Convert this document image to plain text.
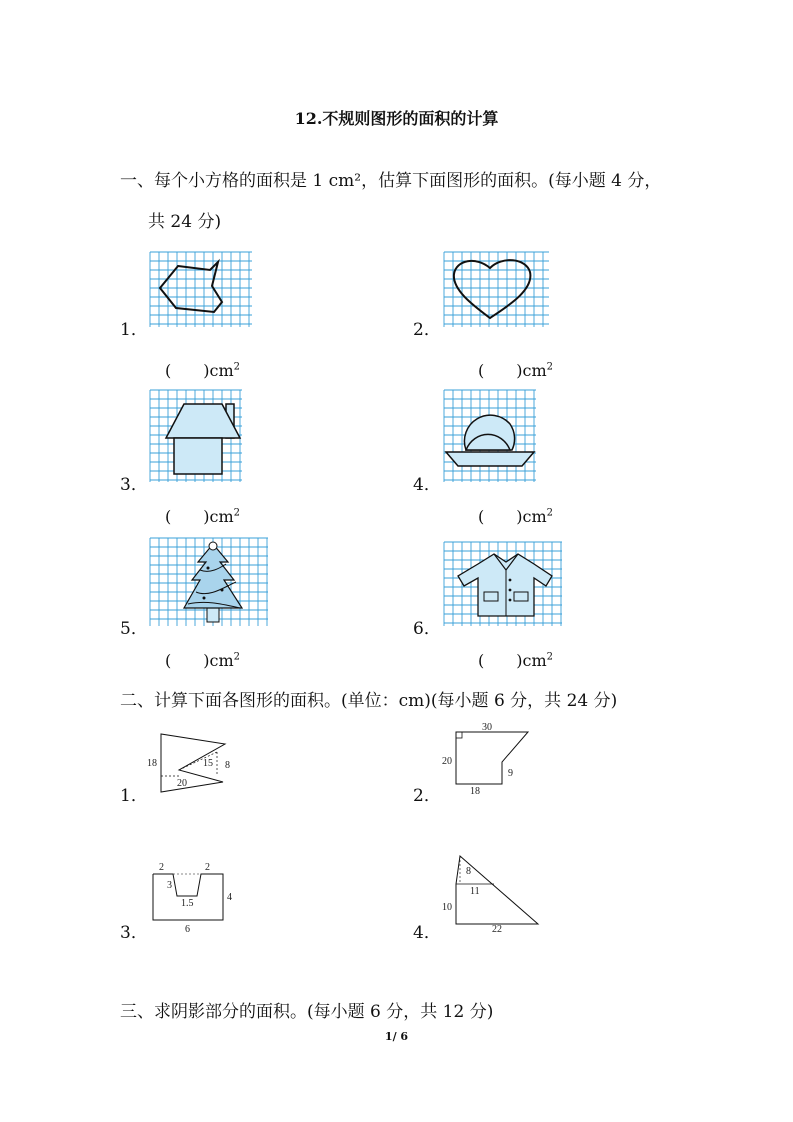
12.不规则图形的面积的计算
一、每个小方格的面积是 1 cm²，估算下面图形的面积。(每小题 4 分，
共 24 分)
1．	2．
3．	4．
5．	6．
(　　)$cm^2$	(　　)$cm^2$
(　　)$cm^2$	(　　)$cm^2$
(　　)$cm^2$	(　　)$cm^2$
二、计算下面各图形的面积。(单位：cm)(每小题 6 分，共 24 分)
1．	2．
3．	4．
18	15 8
20
30
20
9
18
2	2
3
1.5
4
6
8
11
10
22
三、求阴影部分的面积。(每小题 6 分，共 12 分)
1/ 6
